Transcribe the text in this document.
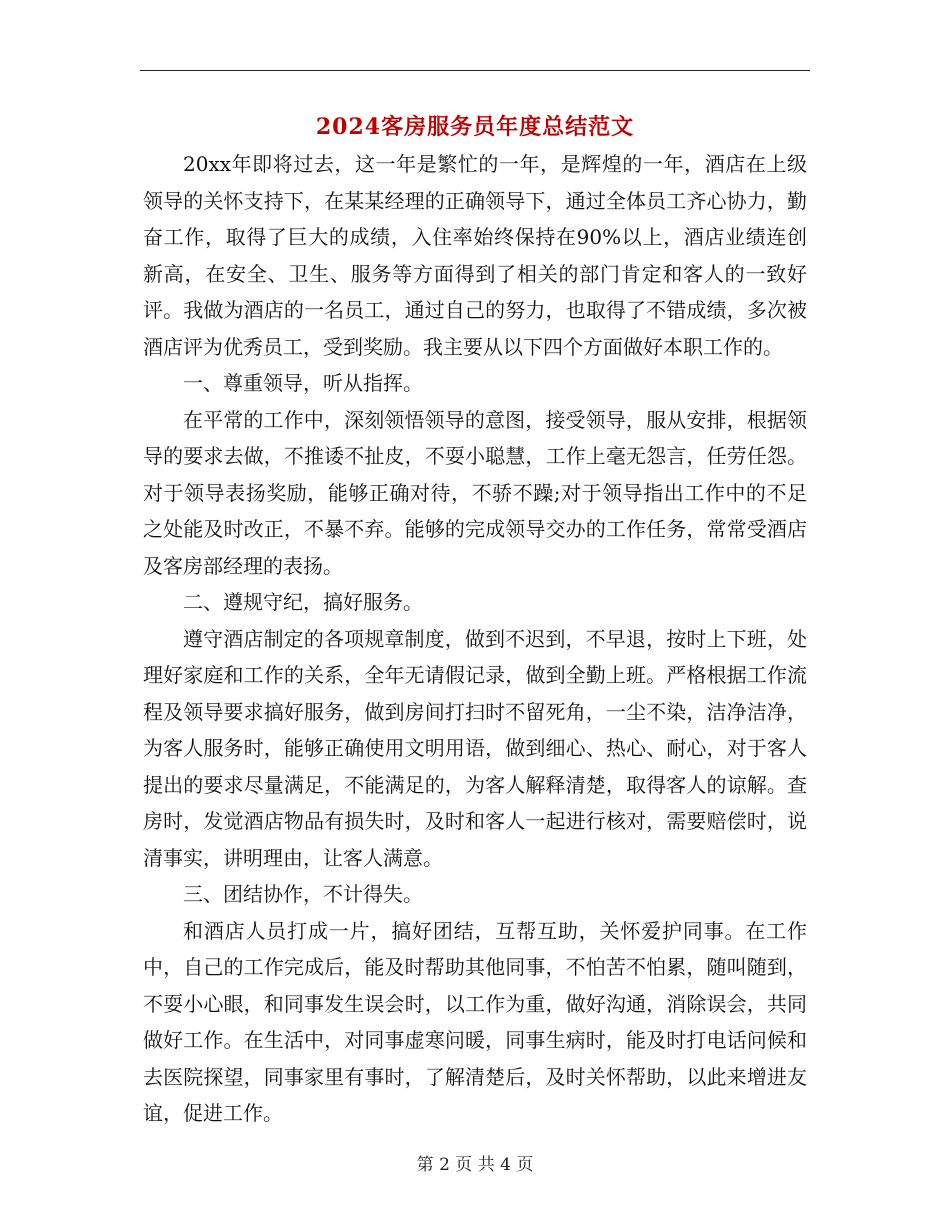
2024客房服务员年度总结范文

20xx年即将过去，这一年是繁忙的一年，是辉煌的一年，酒店在上级领导的关怀支持下，在某某经理的正确领导下，通过全体员工齐心协力，勤奋工作，取得了巨大的成绩，入住率始终保持在90%以上，酒店业绩连创新高，在安全、卫生、服务等方面得到了相关的部门肯定和客人的一致好评。我做为酒店的一名员工，通过自己的努力，也取得了不错成绩，多次被酒店评为优秀员工，受到奖励。我主要从以下四个方面做好本职工作的。

一、尊重领导，听从指挥。

在平常的工作中，深刻领悟领导的意图，接受领导，服从安排，根据领导的要求去做，不推诿不扯皮，不耍小聪慧，工作上毫无怨言，任劳任怨。对于领导表扬奖励，能够正确对待，不骄不躁;对于领导指出工作中的不足之处能及时改正，不暴不弃。能够的完成领导交办的工作任务，常常受酒店及客房部经理的表扬。

二、遵规守纪，搞好服务。

遵守酒店制定的各项规章制度，做到不迟到，不早退，按时上下班，处理好家庭和工作的关系，全年无请假记录，做到全勤上班。严格根据工作流程及领导要求搞好服务，做到房间打扫时不留死角，一尘不染，洁净洁净，为客人服务时，能够正确使用文明用语，做到细心、热心、耐心，对于客人提出的要求尽量满足，不能满足的，为客人解释清楚，取得客人的谅解。查房时，发觉酒店物品有损失时，及时和客人一起进行核对，需要赔偿时，说清事实，讲明理由，让客人满意。

三、团结协作，不计得失。

和酒店人员打成一片，搞好团结，互帮互助，关怀爱护同事。在工作中，自己的工作完成后，能及时帮助其他同事，不怕苦不怕累，随叫随到，不耍小心眼，和同事发生误会时，以工作为重，做好沟通，消除误会，共同做好工作。在生活中，对同事虚寒问暖，同事生病时，能及时打电话问候和去医院探望，同事家里有事时，了解清楚后，及时关怀帮助，以此来增进友谊，促进工作。

第 2 页 共 4 页
